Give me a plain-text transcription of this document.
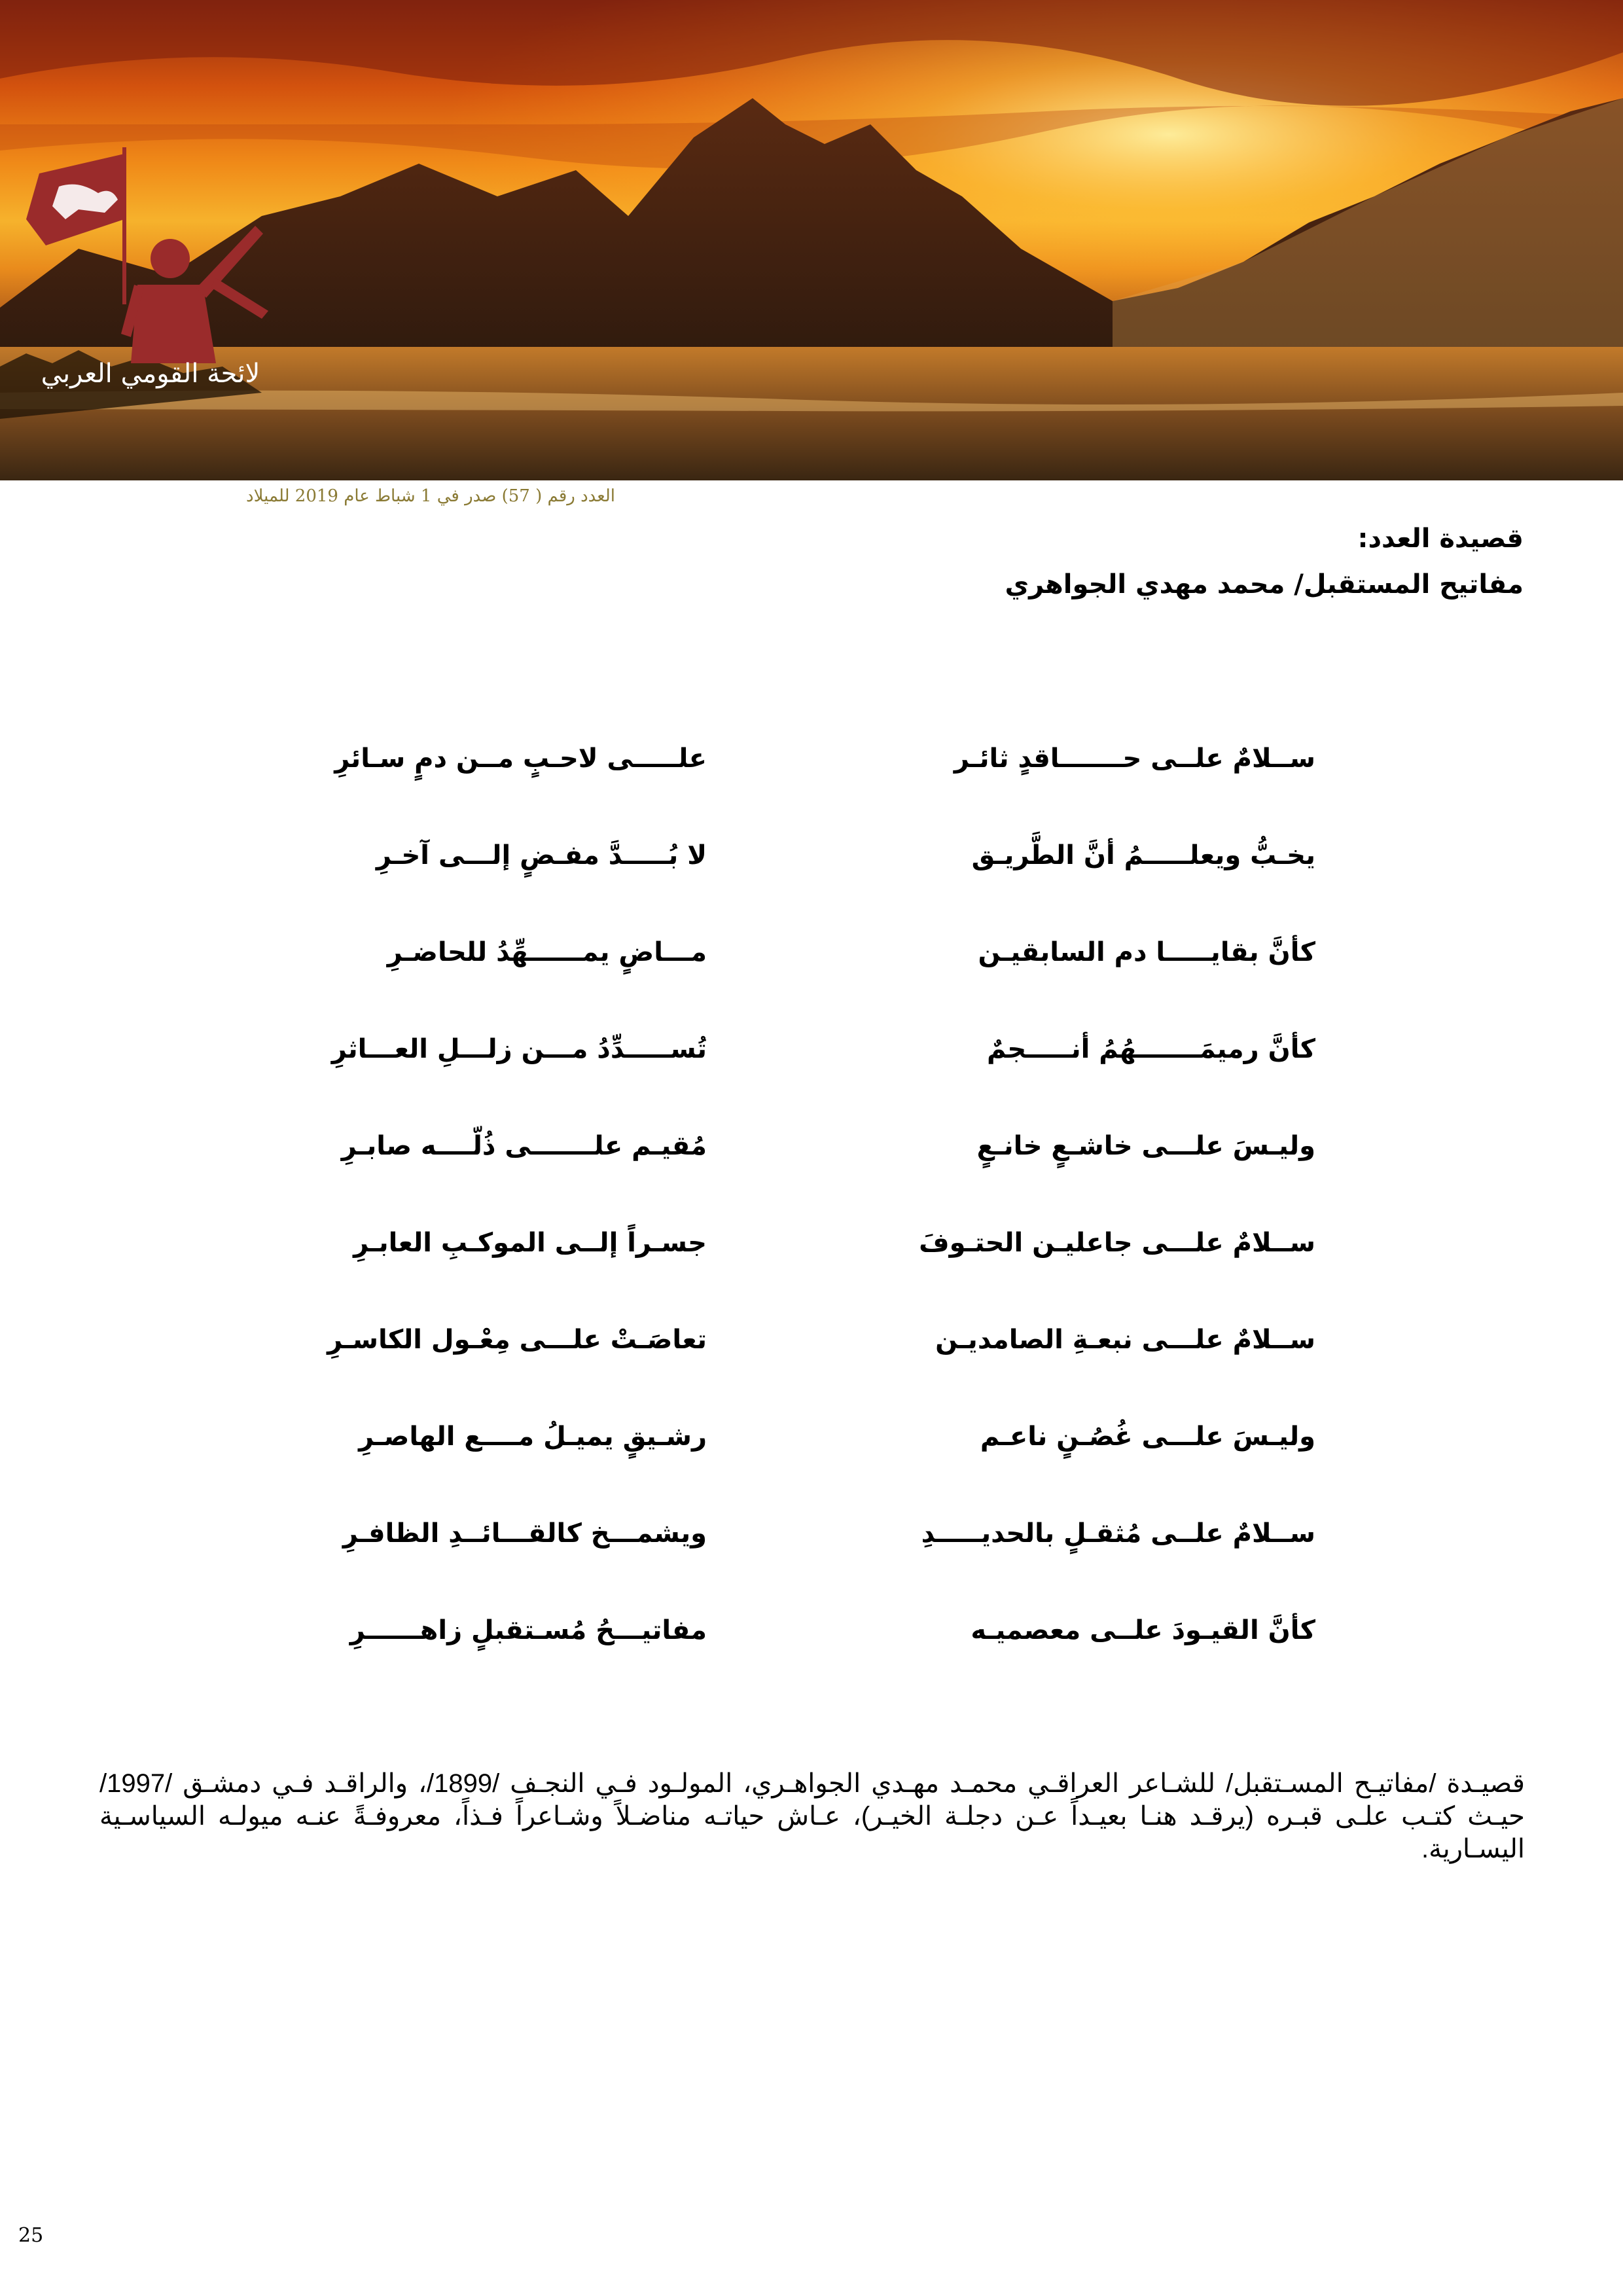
لائحة القومي العربي
العدد رقم ( 57) صدر في 1 شباط عام 2019 للميلاد
قصيدة العدد:
مفاتيح المستقبل/ محمد مهدي الجواهري
ســلامٌ علــى حـــــــاقدٍ ثائـر
علـــــى لاحـبٍ مــن دمٍ سـائرِ
يخـبُّ ويعلـــــمُ أنَّ الطَّريـق
لا بُـــــدَّ مفـضٍ إلـــى آخـرِ
كأنَّ بقايـــــا دم السابقيـن
مـــاضٍ يمــــــهِّدُ للحاضـرِ
كأنَّ رميمَـــــــهُمُ أنـــــجمٌ
تُســـــدِّدُ مـــن زلـــلِ العـــاثرِ
وليـسَ علـــى خاشـعٍ خانـعٍ
مُقيـم علـــــــى ذُلّــــه صابـرِ
ســلامٌ علـــى جاعليـن الحتـوفَ
جسـراً إلــى الموكـبِ العابـرِ
ســلامٌ علـــى نبعـةِ الصامديـن
تعاصَـتْ علـــى مِعْـول الكاسـرِ
وليـسَ علـــى غُصُـنٍ ناعـم
رشـيقٍ يميـلُ مــــع الهاصـرِ
ســلامٌ علــى مُثقـلٍ بالحديـــــدِ
ويشمـــخ كالقـــائــدِ الظافـرِ
كأنَّ القيـودَ علــى معصميـه
مفاتيـــحُ مُسـتقبلٍ زاهــــــرِ
قصيـدة /مفاتيـح المسـتقبل/ للشـاعر العراقـي محمـد مهـدي الجواهـري، المولـود فـي النجـف /1899/، والراقـد فـي دمشـق /1997/ حيـث كتـب علـى قبـره (يرقـد هنـا بعيـداً عـن دجلـة الخيـر)، عـاش حياتـه مناضـلاً وشـاعراً فـذاً، معروفـةً عنـه ميولـه السياسـية اليسـارية.
25
